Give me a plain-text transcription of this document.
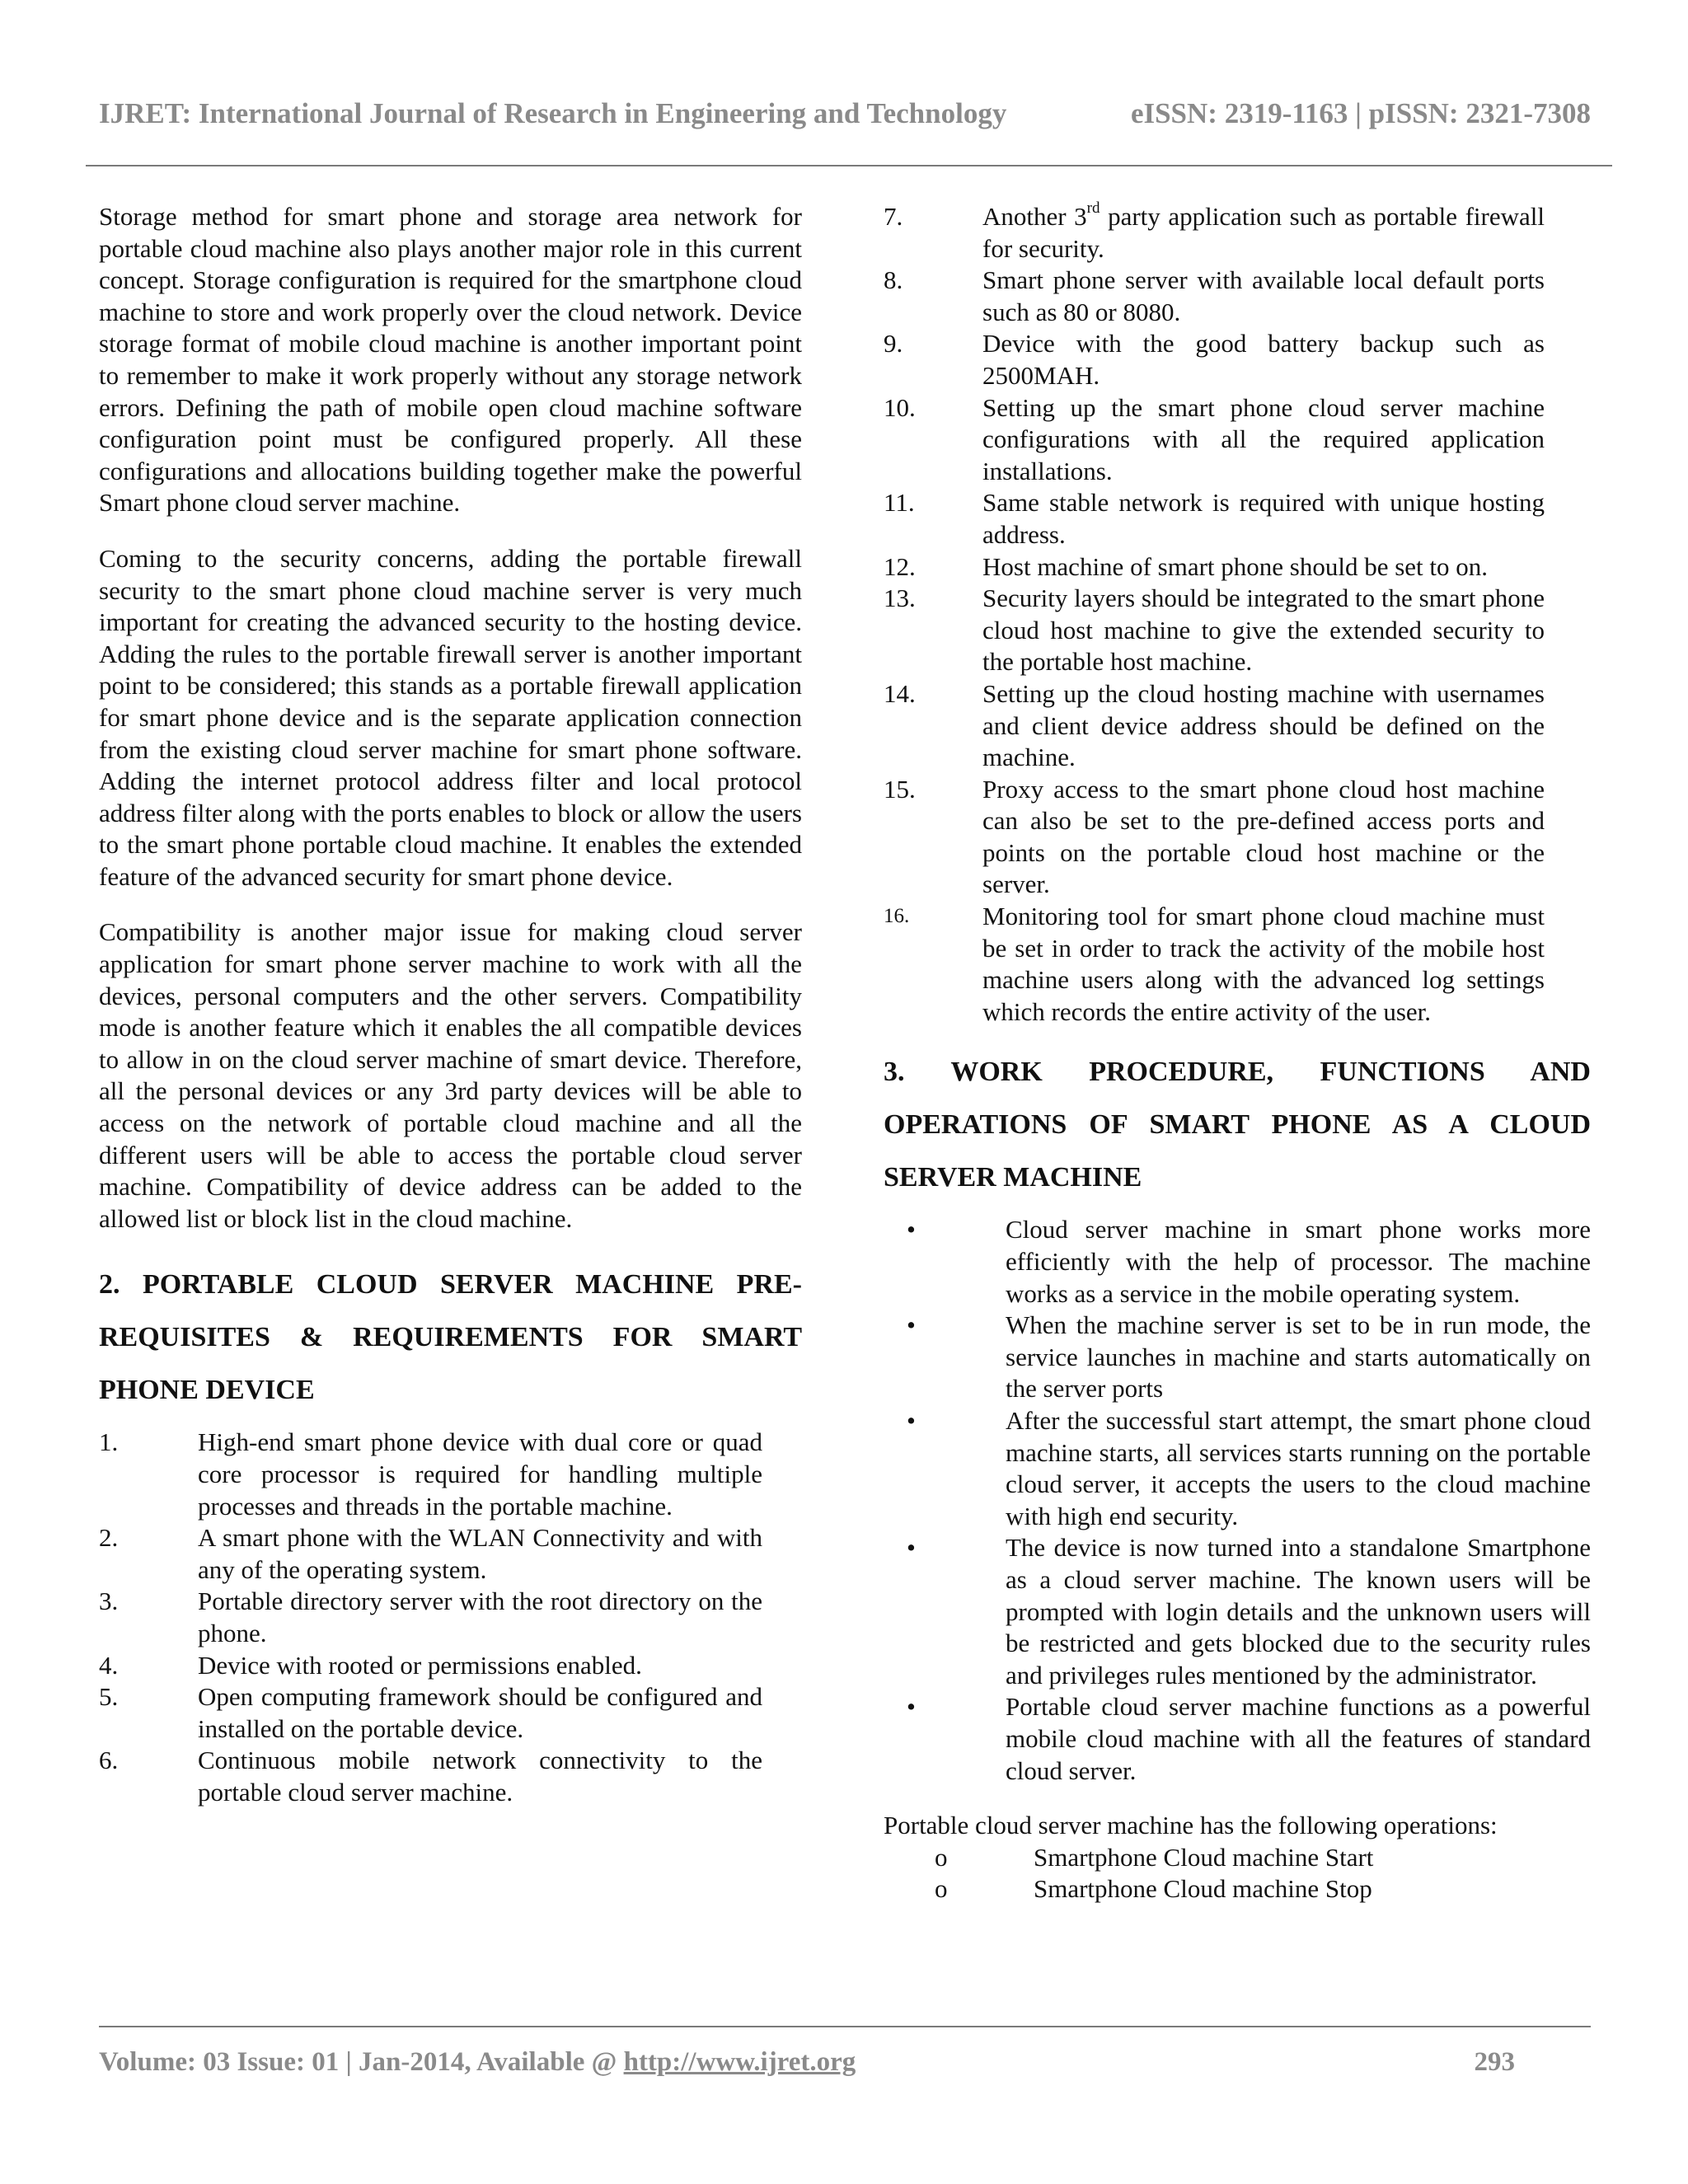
IJRET: International Journal of Research in Engineering and Technology	eISSN: 2319-1163 | pISSN: 2321-7308

Storage method for smart phone and storage area network for portable cloud machine also plays another major role in this current concept. Storage configuration is required for the smartphone cloud machine to store and work properly over the cloud network. Device storage format of mobile cloud machine is another important point to remember to make it work properly without any storage network errors. Defining the path of mobile open cloud machine software configuration point must be configured properly. All these configurations and allocations building together make the powerful Smart phone cloud server machine.

Coming to the security concerns, adding the portable firewall security to the smart phone cloud machine server is very much important for creating the advanced security to the hosting device. Adding the rules to the portable firewall server is another important point to be considered; this stands as a portable firewall application for smart phone device and is the separate application connection from the existing cloud server machine for smart phone software. Adding the internet protocol address filter and local protocol address filter along with the ports enables to block or allow the users to the smart phone portable cloud machine. It enables the extended feature of the advanced security for smart phone device.

Compatibility is another major issue for making cloud server application for smart phone server machine to work with all the devices, personal computers and the other servers. Compatibility mode is another feature which it enables the all compatible devices to allow in on the cloud server machine of smart device. Therefore, all the personal devices or any 3rd party devices will be able to access on the network of portable cloud machine and all the different users will be able to access the portable cloud server machine. Compatibility of device address can be added to the allowed list or block list in the cloud machine.

2. PORTABLE CLOUD SERVER MACHINE PRE-REQUISITES & REQUIREMENTS FOR SMART PHONE DEVICE
1.	High-end smart phone device with dual core or quad core processor is required for handling multiple processes and threads in the portable machine.
2.	A smart phone with the WLAN Connectivity and with any of the operating system.
3.	Portable directory server with the root directory on the phone.
4.	Device with rooted or permissions enabled.
5.	Open computing framework should be configured and installed on the portable device.
6.	Continuous mobile network connectivity to the portable cloud server machine.
7.	Another 3rd party application such as portable firewall for security.
8.	Smart phone server with available local default ports such as 80 or 8080.
9.	Device with the good battery backup such as 2500MAH.
10.	Setting up the smart phone cloud server machine configurations with all the required application installations.
11.	Same stable network is required with unique hosting address.
12.	Host machine of smart phone should be set to on.
13.	Security layers should be integrated to the smart phone cloud host machine to give the extended security to the portable host machine.
14.	Setting up the cloud hosting machine with usernames and client device address should be defined on the machine.
15.	Proxy access to the smart phone cloud host machine can also be set to the pre-defined access ports and points on the portable cloud host machine or the server.
16.	Monitoring tool for smart phone cloud machine must be set in order to track the activity of the mobile host machine users along with the advanced log settings which records the entire activity of the user.
3. WORK PROCEDURE, FUNCTIONS AND OPERATIONS OF SMART PHONE AS A CLOUD SERVER MACHINE
•	Cloud server machine in smart phone works more efficiently with the help of processor. The machine works as a service in the mobile operating system.
•	When the machine server is set to be in run mode, the service launches in machine and starts automatically on the server ports
•	After the successful start attempt, the smart phone cloud machine starts, all services starts running on the portable cloud server, it accepts the users to the cloud machine with high end security.
•	The device is now turned into a standalone Smartphone as a cloud server machine. The known users will be prompted with login details and the unknown users will be restricted and gets blocked due to the security rules and privileges rules mentioned by the administrator.
•	Portable cloud server machine functions as a powerful mobile cloud machine with all the features of standard cloud server.
Portable cloud server machine has the following operations:
o	Smartphone Cloud machine Start
o	Smartphone Cloud machine Stop
Volume: 03 Issue: 01 | Jan-2014, Available @ http://www.ijret.org	293
